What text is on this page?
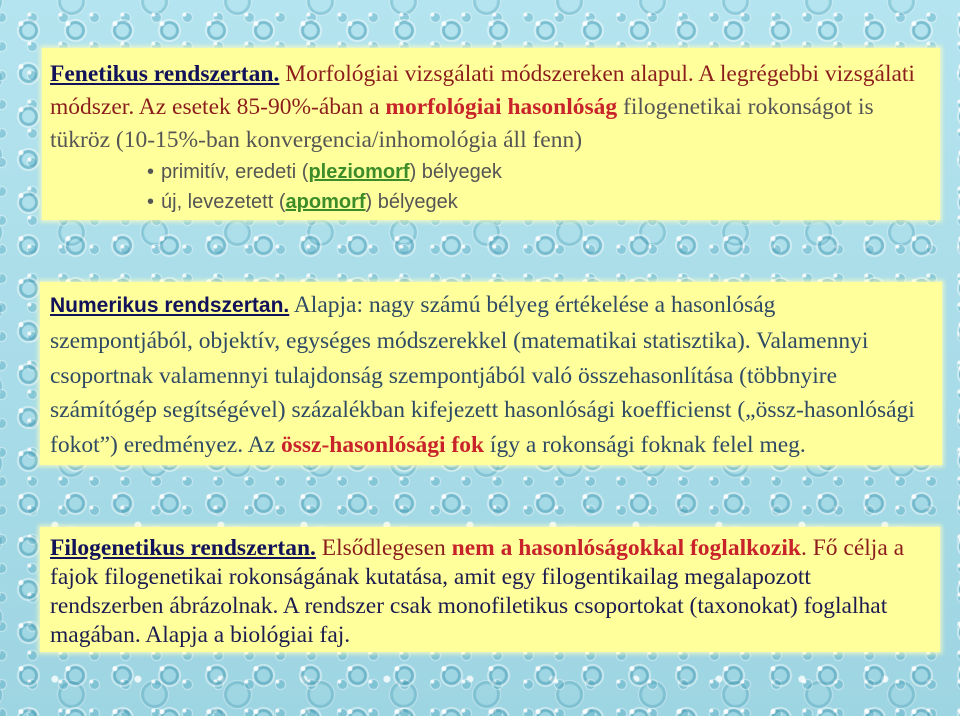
Fenetikus rendszertan. Morfológiai vizsgálati módszereken alapul. A legrégebbi vizsgálati
módszer. Az esetek 85-90%-ában a morfológiai hasonlóság filogenetikai rokonságot is
tükröz (10-15%-ban konvergencia/inhomológia áll fenn)
• primitív, eredeti (pleziomorf) bélyegek
• új, levezetett (apomorf) bélyegek
Numerikus rendszertan. Alapja: nagy számú bélyeg értékelése a hasonlóság
szempontjából, objektív, egységes módszerekkel (matematikai statisztika). Valamennyi
csoportnak valamennyi tulajdonság szempontjából való összehasonlítása (többnyire
számítógép segítségével) százalékban kifejezett hasonlósági koefficienst („össz-hasonlósági
fokot”) eredményez. Az össz-hasonlósági fok így a rokonsági foknak felel meg.
Filogenetikus rendszertan. Elsődlegesen nem a hasonlóságokkal foglalkozik. Fő célja a
fajok filogenetikai rokonságának kutatása, amit egy filogentikailag megalapozott
rendszerben ábrázolnak. A rendszer csak monofiletikus csoportokat (taxonokat) foglalhat
magában. Alapja a biológiai faj.
